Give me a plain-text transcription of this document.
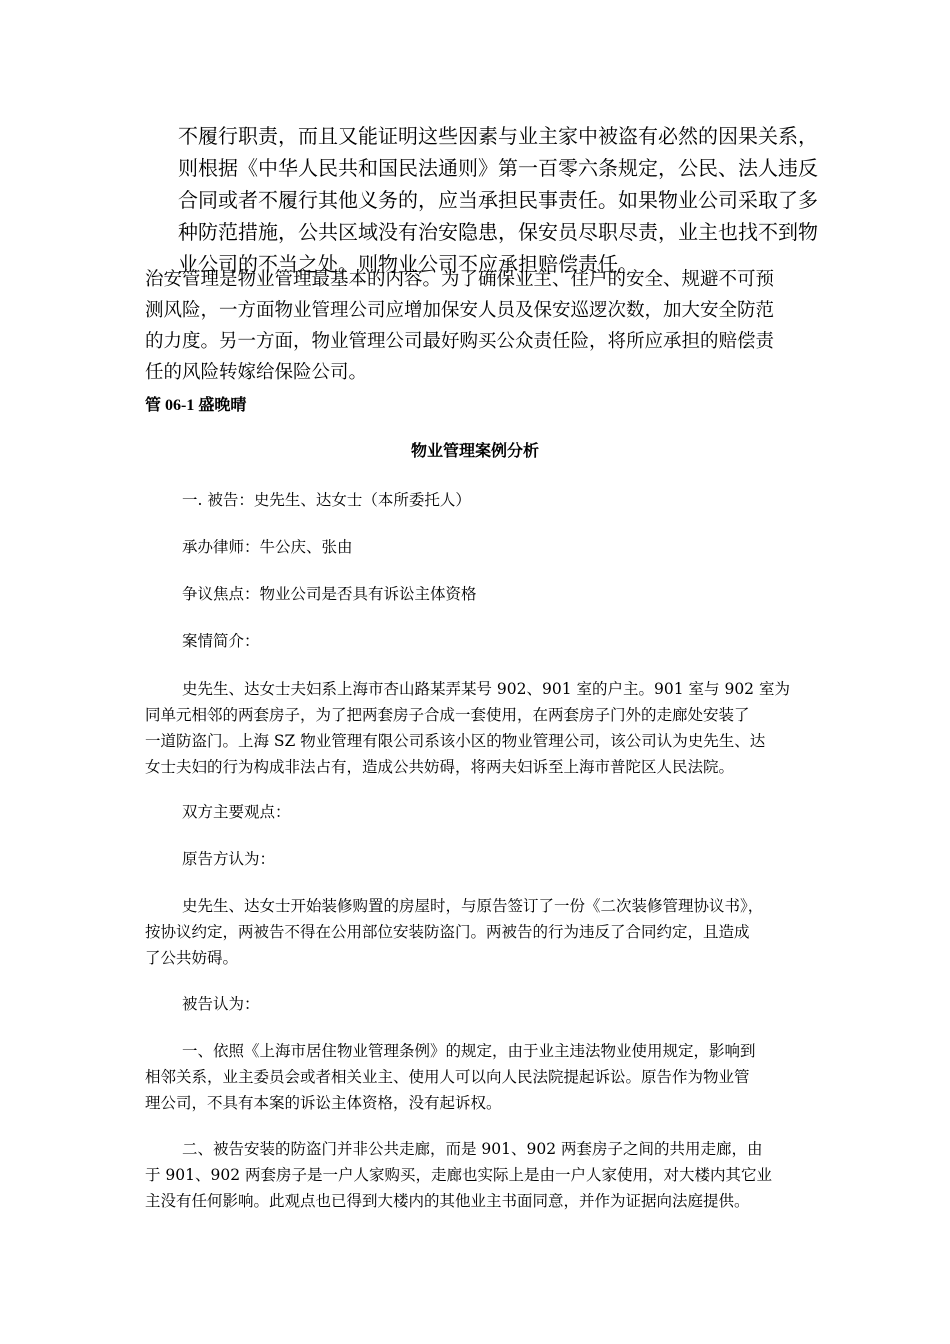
不履行职责，而且又能证明这些因素与业主家中被盗有必然的因果关系，
则根据《中华人民共和国民法通则》第一百零六条规定，公民、法人违反
合同或者不履行其他义务的，应当承担民事责任。如果物业公司采取了多
种防范措施，公共区域没有治安隐患，保安员尽职尽责，业主也找不到物
业公司的不当之处。则物业公司不应承担赔偿责任。
治安管理是物业管理最基本的内容。为了确保业主、住户的安全、规避不可预
测风险，一方面物业管理公司应增加保安人员及保安巡逻次数，加大安全防范
的力度。另一方面，物业管理公司最好购买公众责任险，将所应承担的赔偿责
任的风险转嫁给保险公司。
管 06-1 盛晚晴
物业管理案例分析
一. 被告：史先生、达女士（本所委托人）
承办律师：牛公庆、张由
争议焦点：物业公司是否具有诉讼主体资格
案情简介：
史先生、达女士夫妇系上海市杏山路某弄某号 902、901 室的户主。901 室与 902 室为
同单元相邻的两套房子，为了把两套房子合成一套使用，在两套房子门外的走廊处安装了
一道防盗门。上海 SZ 物业管理有限公司系该小区的物业管理公司，该公司认为史先生、达
女士夫妇的行为构成非法占有，造成公共妨碍，将两夫妇诉至上海市普陀区人民法院。
双方主要观点：
原告方认为：
史先生、达女士开始装修购置的房屋时，与原告签订了一份《二次装修管理协议书》，
按协议约定，两被告不得在公用部位安装防盗门。两被告的行为违反了合同约定，且造成
了公共妨碍。
被告认为：
一、依照《上海市居住物业管理条例》的规定，由于业主违法物业使用规定，影响到
相邻关系，业主委员会或者相关业主、使用人可以向人民法院提起诉讼。原告作为物业管
理公司，不具有本案的诉讼主体资格，没有起诉权。
二、被告安装的防盗门并非公共走廊，而是 901、902 两套房子之间的共用走廊，由
于 901、902 两套房子是一户人家购买，走廊也实际上是由一户人家使用，对大楼内其它业
主没有任何影响。此观点也已得到大楼内的其他业主书面同意，并作为证据向法庭提供。
